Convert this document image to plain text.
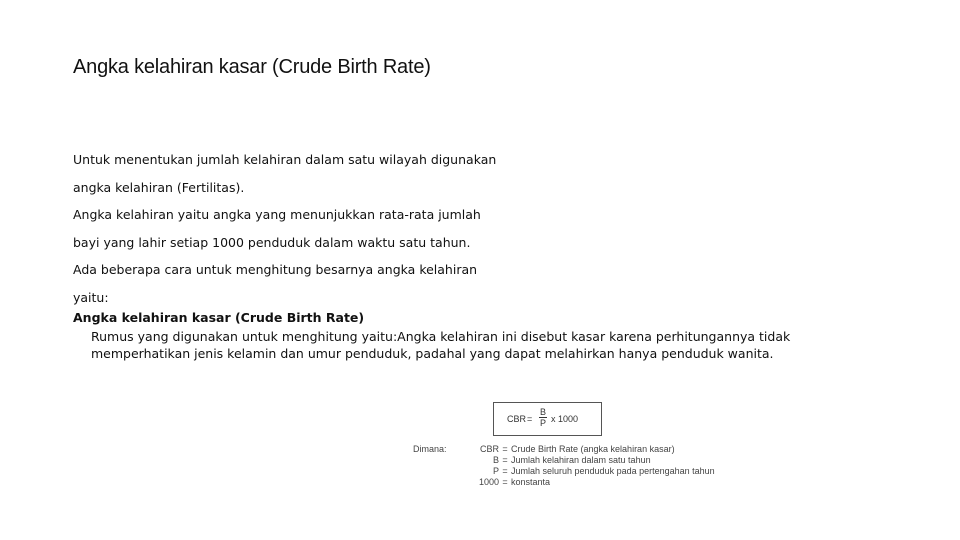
Angka kelahiran kasar (Crude Birth Rate)

Untuk menentukan jumlah kelahiran dalam satu wilayah digunakan

angka kelahiran (Fertilitas).

Angka kelahiran yaitu angka yang menunjukkan rata-rata jumlah

bayi yang lahir setiap 1000 penduduk dalam waktu satu tahun.

Ada beberapa cara untuk menghitung besarnya angka kelahiran

yaitu:

Angka kelahiran kasar (Crude Birth Rate)
Rumus yang digunakan untuk menghitung yaitu:Angka kelahiran ini disebut kasar karena perhitungannya tidak memperhatikan jenis kelamin dan umur penduduk, padahal yang dapat melahirkan hanya penduduk wanita.
CBR =
B
P x 1000
Dimana:	CBR = Crude Birth Rate (angka kelahiran kasar)
B = Jumlah kelahiran dalam satu tahun
P = Jumlah seluruh penduduk pada pertengahan tahun
1000 = konstanta
